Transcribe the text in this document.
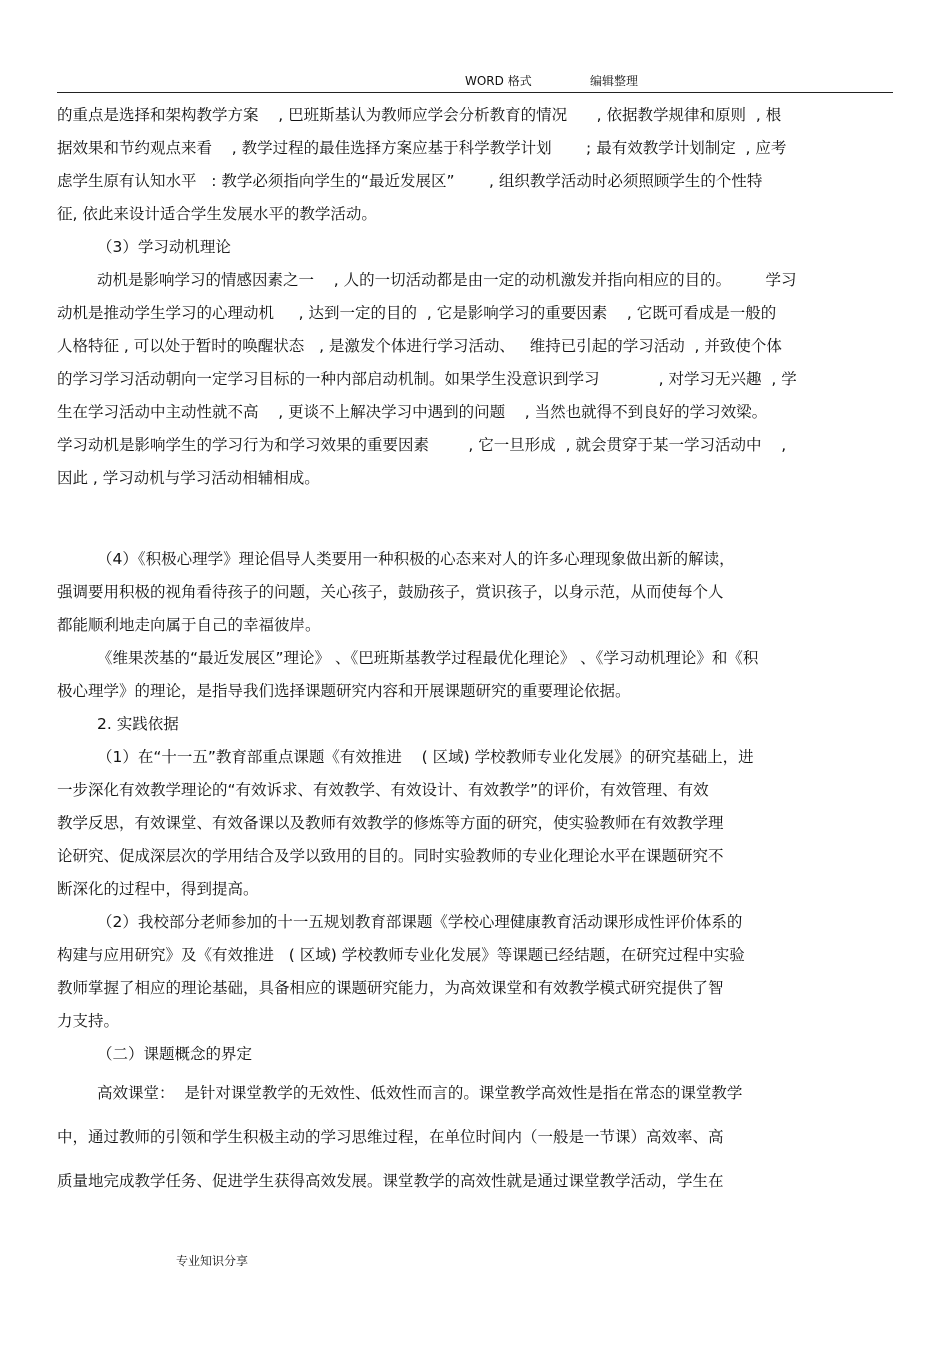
WORD 格式	编辑整理
的重点是选择和架构教学方案    , 巴班斯基认为教师应学会分析教育的情况      , 依据教学规律和原则  , 根
据效果和节约观点来看    , 教学过程的最佳选择方案应基于科学教学计划       ; 最有效教学计划制定  , 应考
虑学生原有认知水平   : 教学必须指向学生的“最近发展区”       , 组织教学活动时必须照顾学生的个性特
征, 依此来设计适合学生发展水平的教学活动。
（3）学习动机理论
动机是影响学习的情感因素之一    , 人的一切活动都是由一定的动机激发并指向相应的目的。       学习
动机是推动学生学习的心理动机     , 达到一定的目的  , 它是影响学习的重要因素    , 它既可看成是一般的
人格特征 , 可以处于暂时的唤醒状态   , 是激发个体进行学习活动、   维持已引起的学习活动  , 并致使个体
的学习学习活动朝向一定学习目标的一种内部启动机制。如果学生没意识到学习            , 对学习无兴趣  , 学
生在学习活动中主动性就不高    , 更谈不上解决学习中遇到的问题    , 当然也就得不到良好的学习效梁。
学习动机是影响学生的学习行为和学习效果的重要因素        , 它一旦形成  , 就会贯穿于某一学习活动中    ,
因此 , 学习动机与学习活动相辅相成。
（4）《积极心理学》理论倡导人类要用一种积极的心态来对人的许多心理现象做出新的解读，
强调要用积极的视角看待孩子的问题，关心孩子，鼓励孩子，赏识孩子，以身示范，从而使每个人
都能顺利地走向属于自己的幸福彼岸。
《维果茨基的“最近发展区”理论》 、《巴班斯基教学过程最优化理论》 、《学习动机理论》和《积
极心理学》的理论，是指导我们选择课题研究内容和开展课题研究的重要理论依据。
2. 实践依据
（1）在“十一五”教育部重点课题《有效推进    ( 区域) 学校教师专业化发展》的研究基础上，进
一步深化有效教学理论的“有效诉求、有效教学、有效设计、有效教学”的评价，有效管理、有效
教学反思，有效课堂、有效备课以及教师有效教学的修炼等方面的研究，使实验教师在有效教学理
论研究、促成深层次的学用结合及学以致用的目的。同时实验教师的专业化理论水平在课题研究不
断深化的过程中，得到提高。
（2）我校部分老师参加的十一五规划教育部课题《学校心理健康教育活动课形成性评价体系的
构建与应用研究》及《有效推进   ( 区域) 学校教师专业化发展》等课题已经结题，在研究过程中实验
教师掌握了相应的理论基础，具备相应的课题研究能力，为高效课堂和有效教学模式研究提供了智
力支持。
（二）课题概念的界定
高效课堂：  是针对课堂教学的无效性、低效性而言的。课堂教学高效性是指在常态的课堂教学
中，通过教师的引领和学生积极主动的学习思维过程，在单位时间内（一般是一节课）高效率、高
质量地完成教学任务、促进学生获得高效发展。课堂教学的高效性就是通过课堂教学活动，学生在
专业知识分享
